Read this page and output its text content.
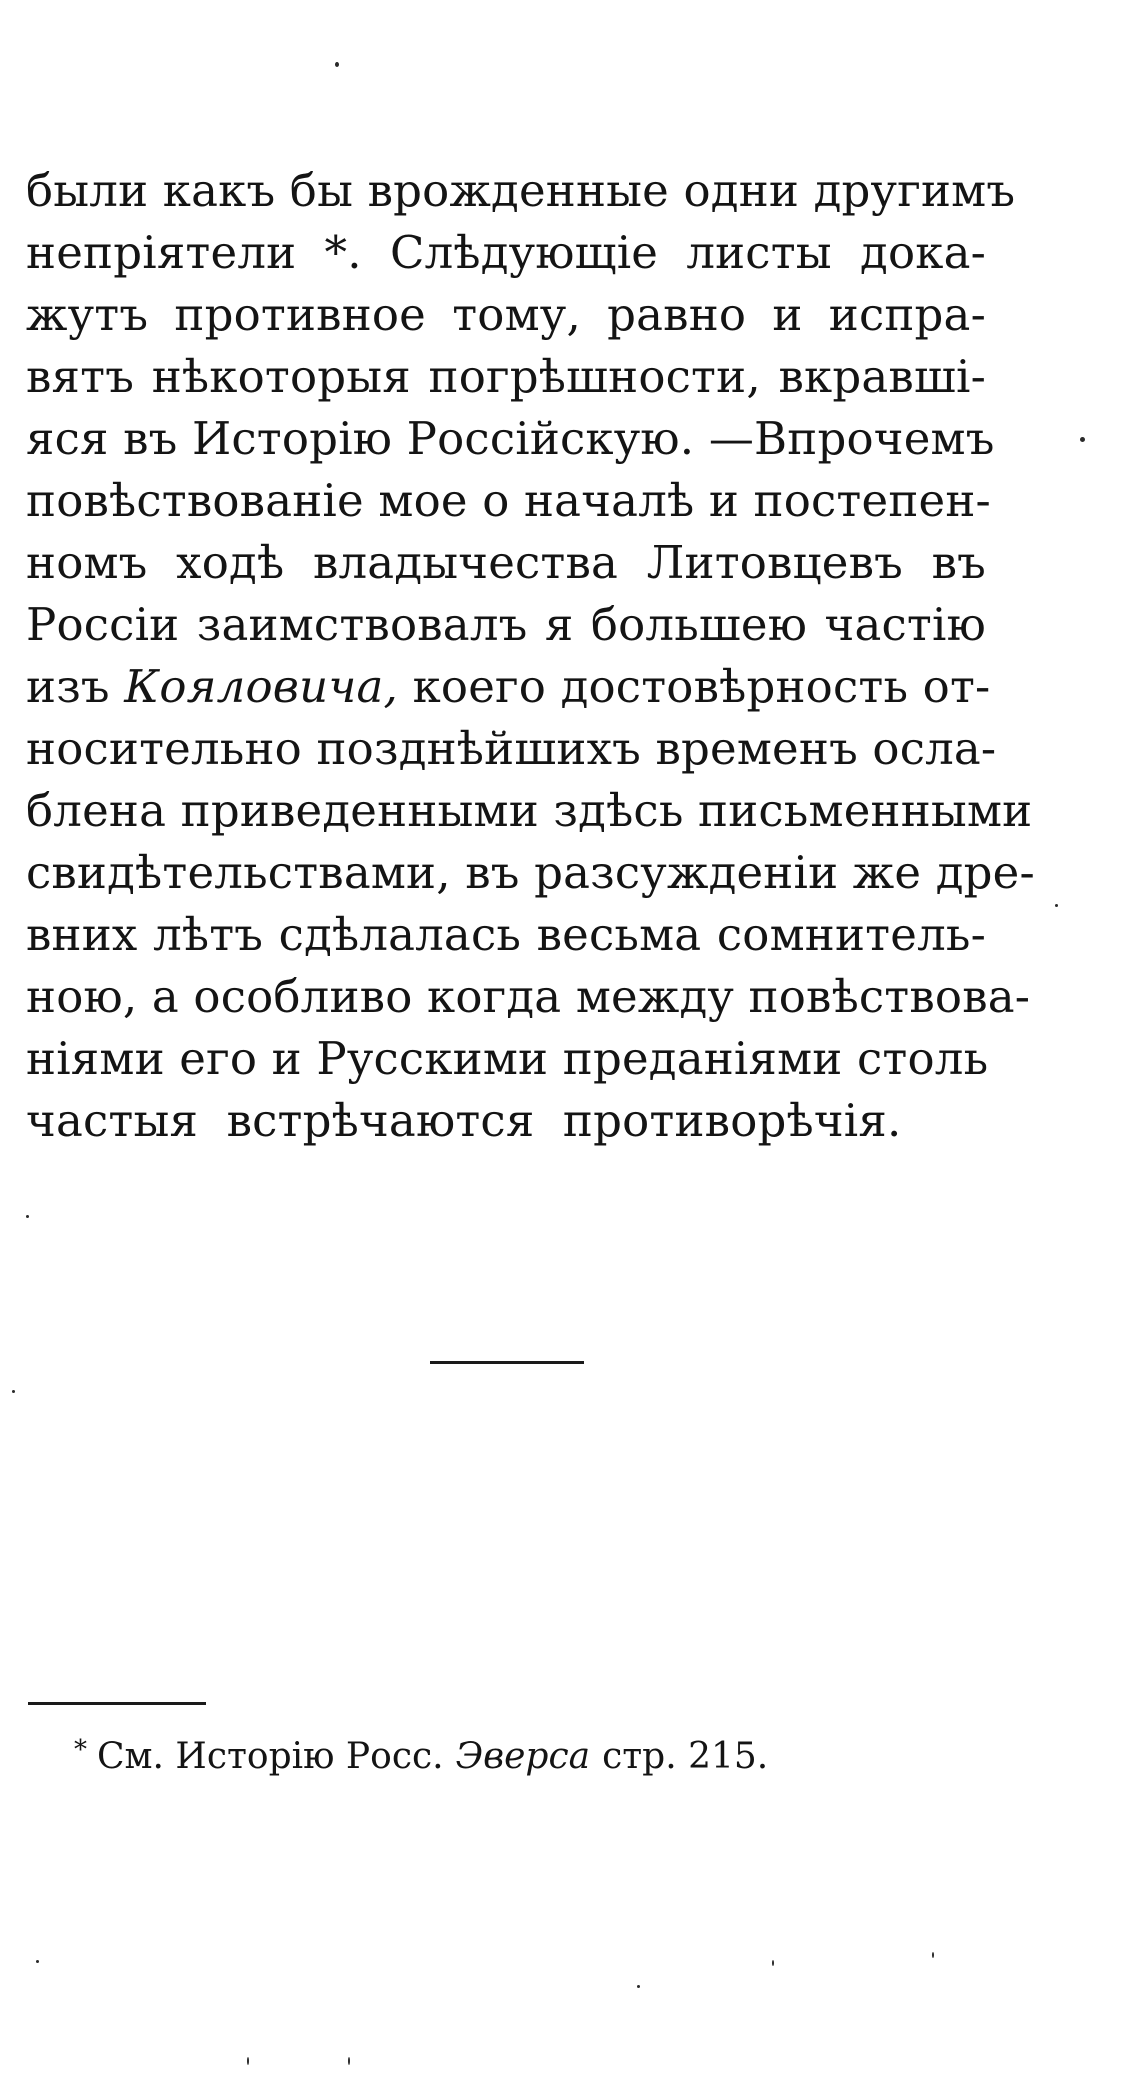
были какъ бы врожденные одни другимъ
непріятели *. Слѣдующіе листы дока-
жутъ противное тому, равно и испра-
вятъ нѣкоторыя погрѣшности, вкравші-
яся въ Исторію Россійскую. —Впрочемъ
повѣствованіе мое о началѣ и постепен-
номъ ходѣ владычества Литовцевъ въ
Россіи заимствовалъ я большею частію
изъ Кояловича, коего достовѣрность от-
носительно позднѣйшихъ временъ осла-
блена приведенными здѣсь письменными
свидѣтельствами, въ разсужденіи же дре-
вних лѣтъ сдѣлалась весьма сомнитель-
ною, а особливо когда между повѣствова-
ніями его и Русскими преданіями столь
частыя встрѣчаются противорѣчія.
* См. Исторію Росс. Эверса стр. 215.
